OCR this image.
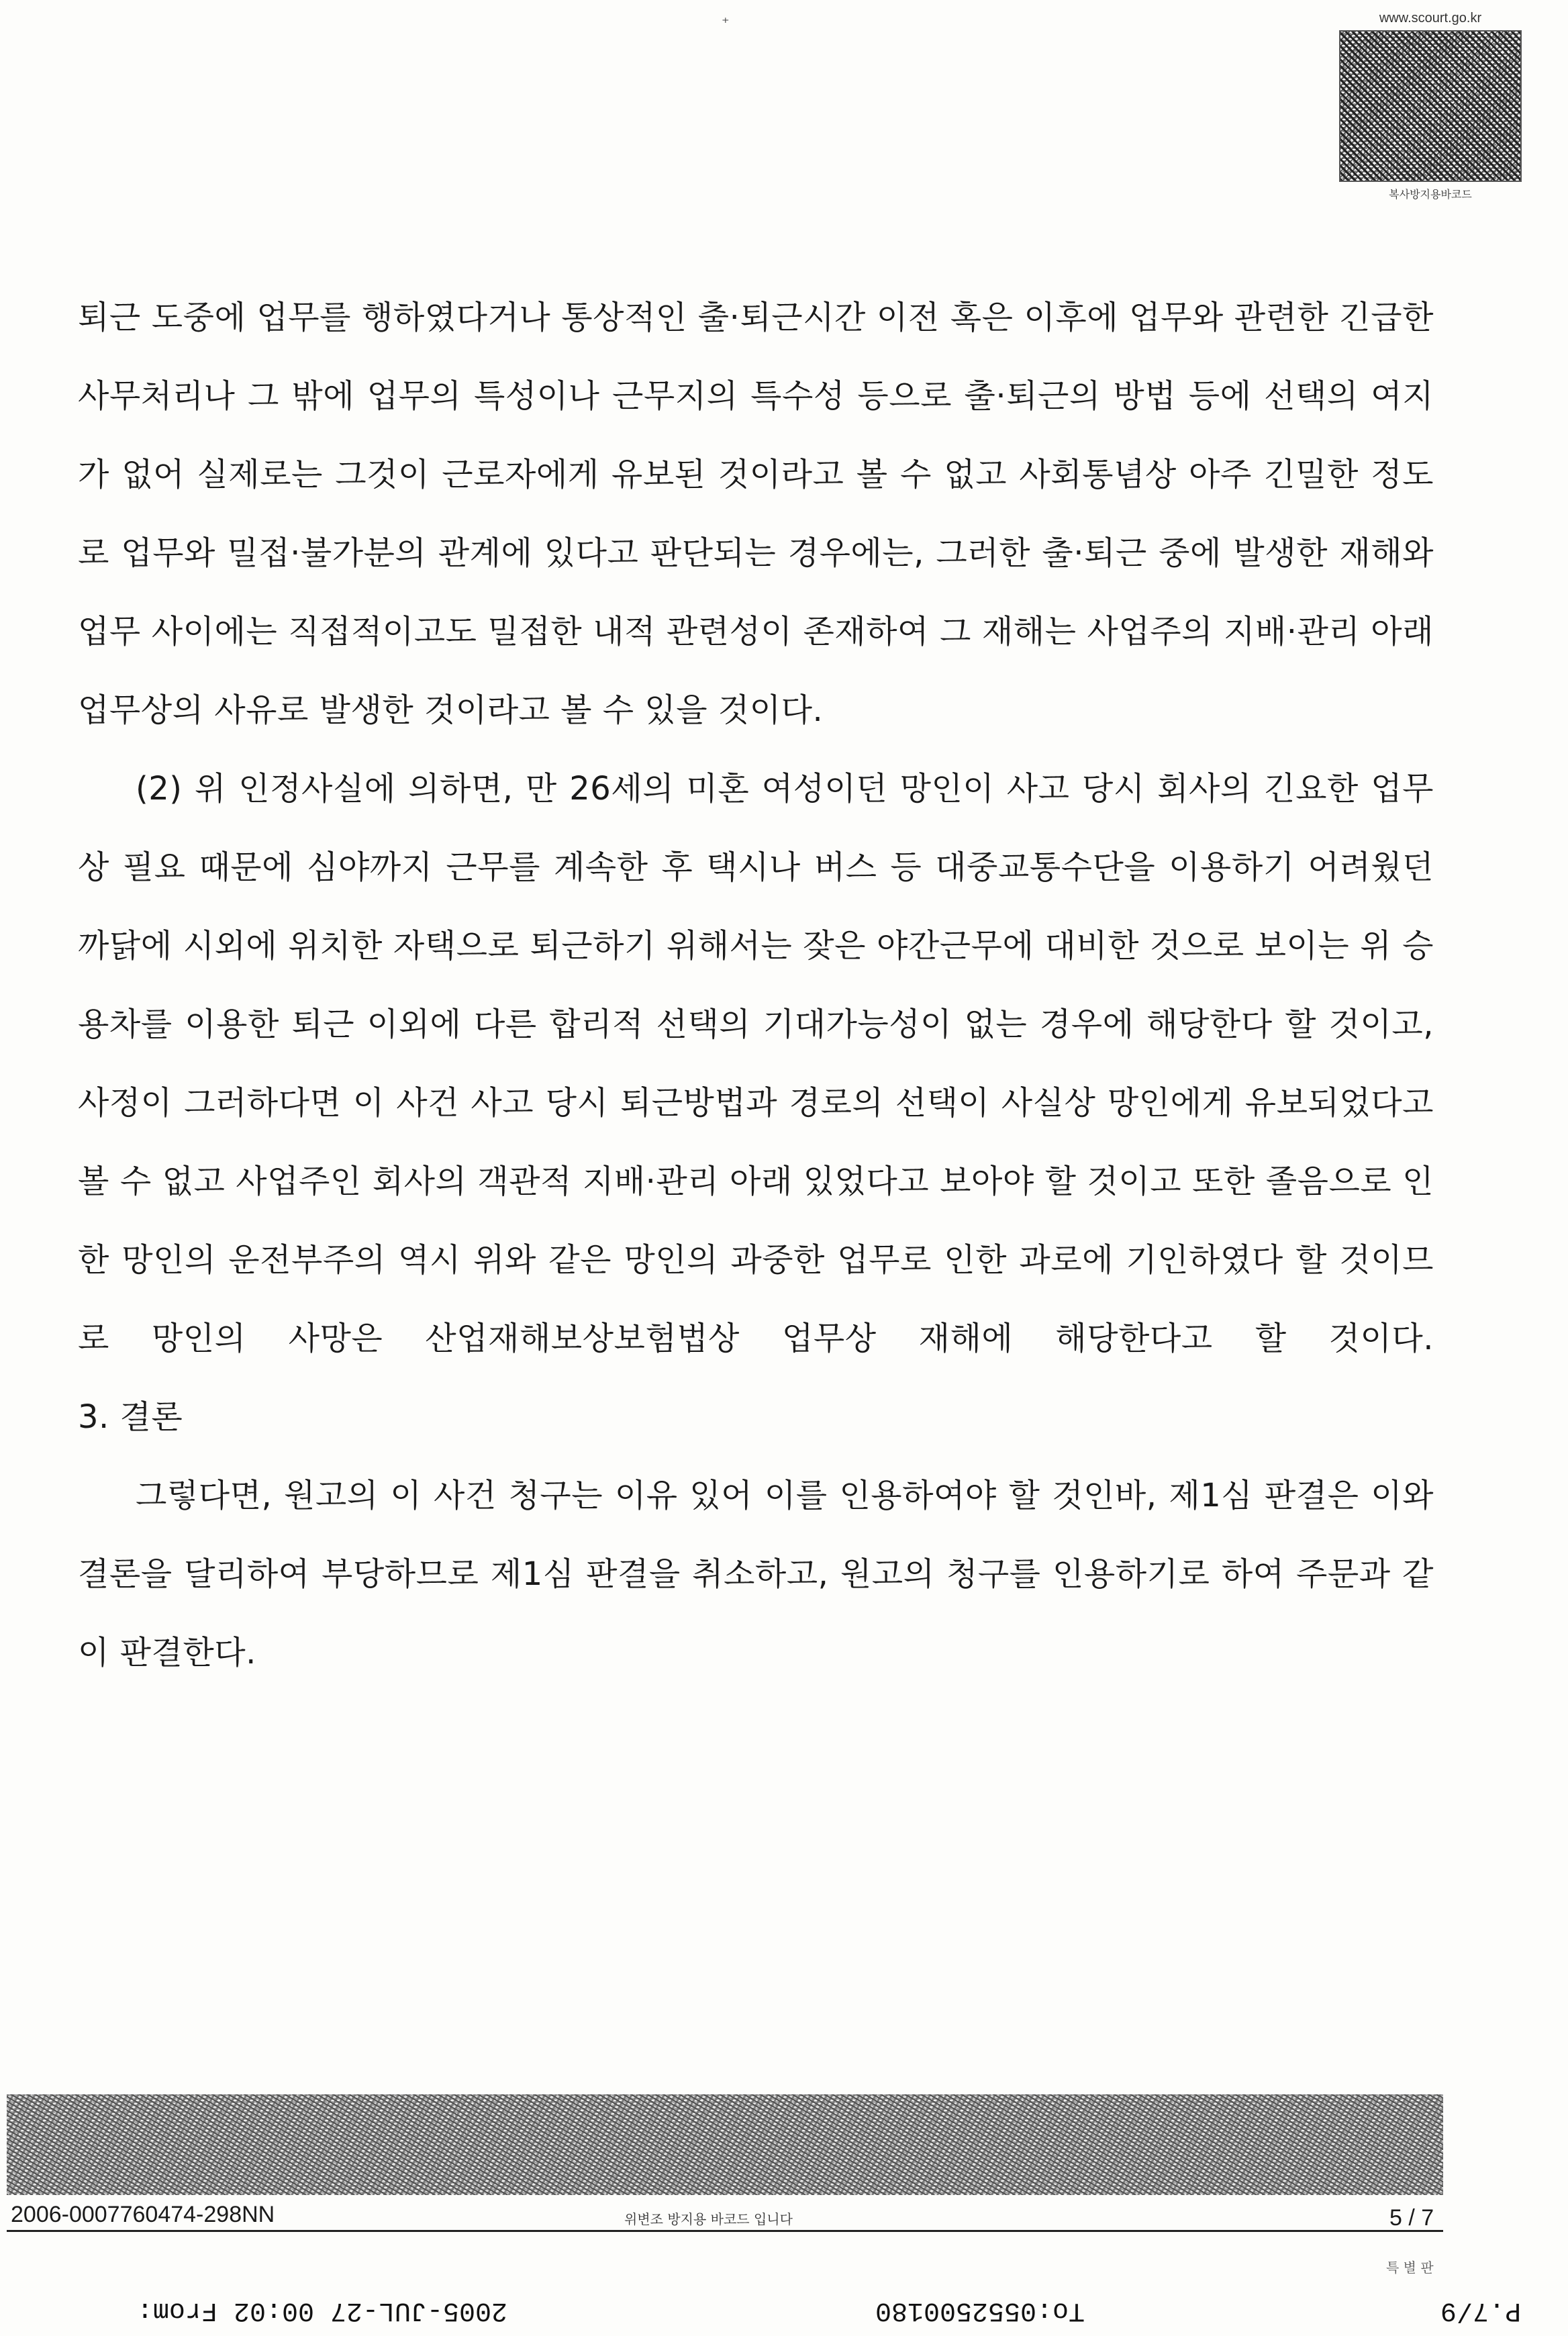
⁺	www.scourt.go.kr
복사방지용바코드

퇴근 도중에 업무를 행하였다거나 통상적인 출·퇴근시간 이전 혹은 이후에 업무와 관련한 긴급한 사무처리나 그 밖에 업무의 특성이나 근무지의 특수성 등으로 출·퇴근의 방법 등에 선택의 여지가 없어 실제로는 그것이 근로자에게 유보된 것이라고 볼 수 없고 사회통념상 아주 긴밀한 정도로 업무와 밀접·불가분의 관계에 있다고 판단되는 경우에는, 그러한 출·퇴근 중에 발생한 재해와 업무 사이에는 직접적이고도 밀접한 내적 관련성이 존재하여 그 재해는 사업주의 지배·관리 아래 업무상의 사유로 발생한 것이라고 볼 수 있을 것이다.

(2) 위 인정사실에 의하면, 만 26세의 미혼 여성이던 망인이 사고 당시 회사의 긴요한 업무상 필요 때문에 심야까지 근무를 계속한 후 택시나 버스 등 대중교통수단을 이용하기 어려웠던 까닭에 시외에 위치한 자택으로 퇴근하기 위해서는 잦은 야간근무에 대비한 것으로 보이는 위 승용차를 이용한 퇴근 이외에 다른 합리적 선택의 기대가능성이 없는 경우에 해당한다 할 것이고, 사정이 그러하다면 이 사건 사고 당시 퇴근방법과 경로의 선택이 사실상 망인에게 유보되었다고 볼 수 없고 사업주인 회사의 객관적 지배·관리 아래 있었다고 보아야 할 것이고 또한 졸음으로 인한 망인의 운전부주의 역시 위와 같은 망인의 과중한 업무로 인한 과로에 기인하였다 할 것이므로 망인의 사망은 산업재해보상보험법상 업무상 재해에 해당한다고 할 것이다.

3. 결론

그렇다면, 원고의 이 사건 청구는 이유 있어 이를 인용하여야 할 것인바, 제1심 판결은 이와 결론을 달리하여 부당하므로 제1심 판결을 취소하고, 원고의 청구를 인용하기로 하여 주문과 같이 판결한다.

2006-0007760474-298NN	위변조 방지용 바코드 입니다	5 / 7
특 별 판
P.7/9
To:0552500180
2005-JUL-27 00:02 From:
